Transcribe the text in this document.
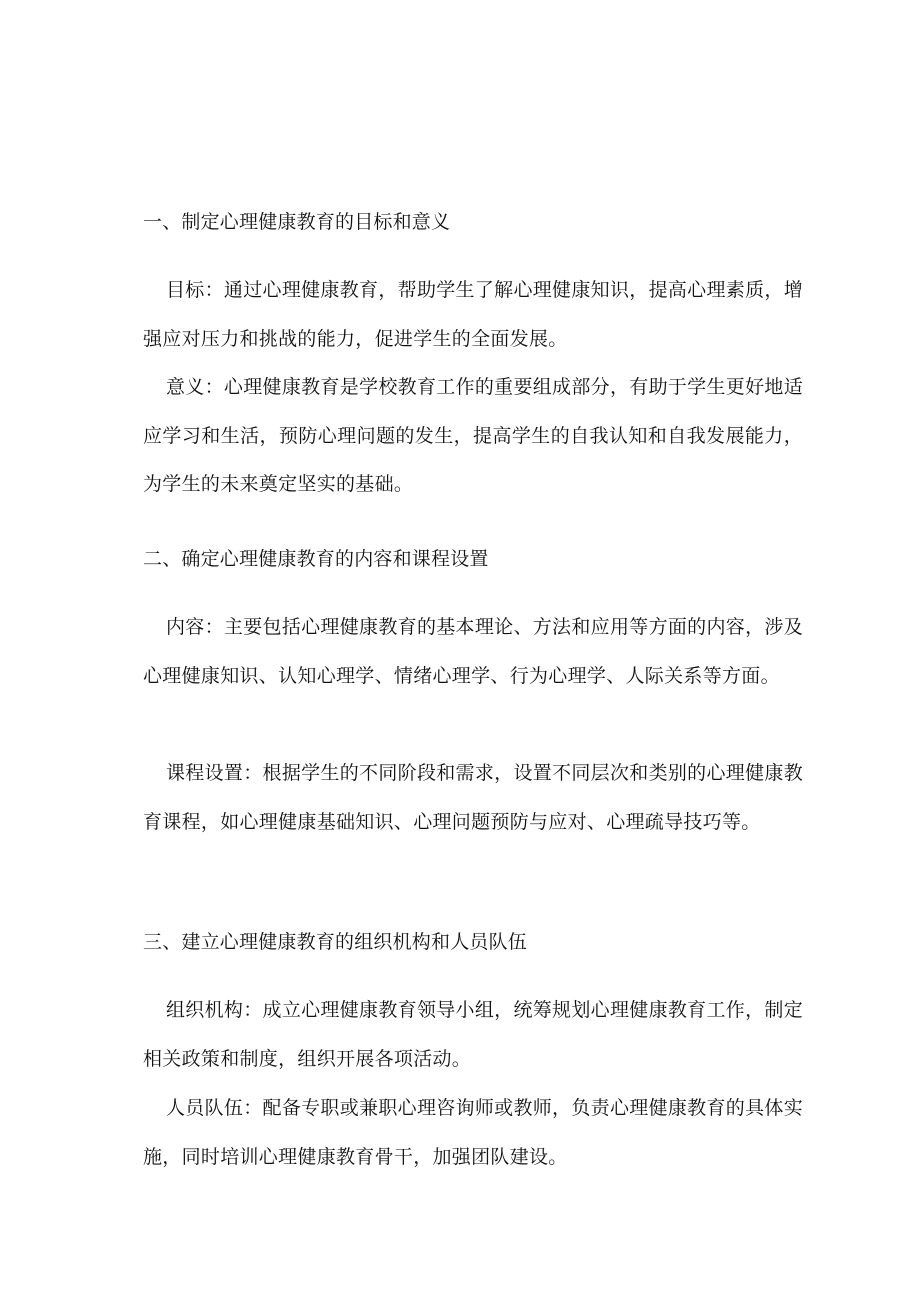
一、制定心理健康教育的目标和意义

目标：通过心理健康教育，帮助学生了解心理健康知识，提高心理素质，增强应对压力和挑战的能力，促进学生的全面发展。

意义：心理健康教育是学校教育工作的重要组成部分，有助于学生更好地适应学习和生活，预防心理问题的发生，提高学生的自我认知和自我发展能力，为学生的未来奠定坚实的基础。

二、确定心理健康教育的内容和课程设置

内容：主要包括心理健康教育的基本理论、方法和应用等方面的内容，涉及心理健康知识、认知心理学、情绪心理学、行为心理学、人际关系等方面。

课程设置：根据学生的不同阶段和需求，设置不同层次和类别的心理健康教育课程，如心理健康基础知识、心理问题预防与应对、心理疏导技巧等。

三、建立心理健康教育的组织机构和人员队伍

组织机构：成立心理健康教育领导小组，统筹规划心理健康教育工作，制定相关政策和制度，组织开展各项活动。

人员队伍：配备专职或兼职心理咨询师或教师，负责心理健康教育的具体实施，同时培训心理健康教育骨干，加强团队建设。
